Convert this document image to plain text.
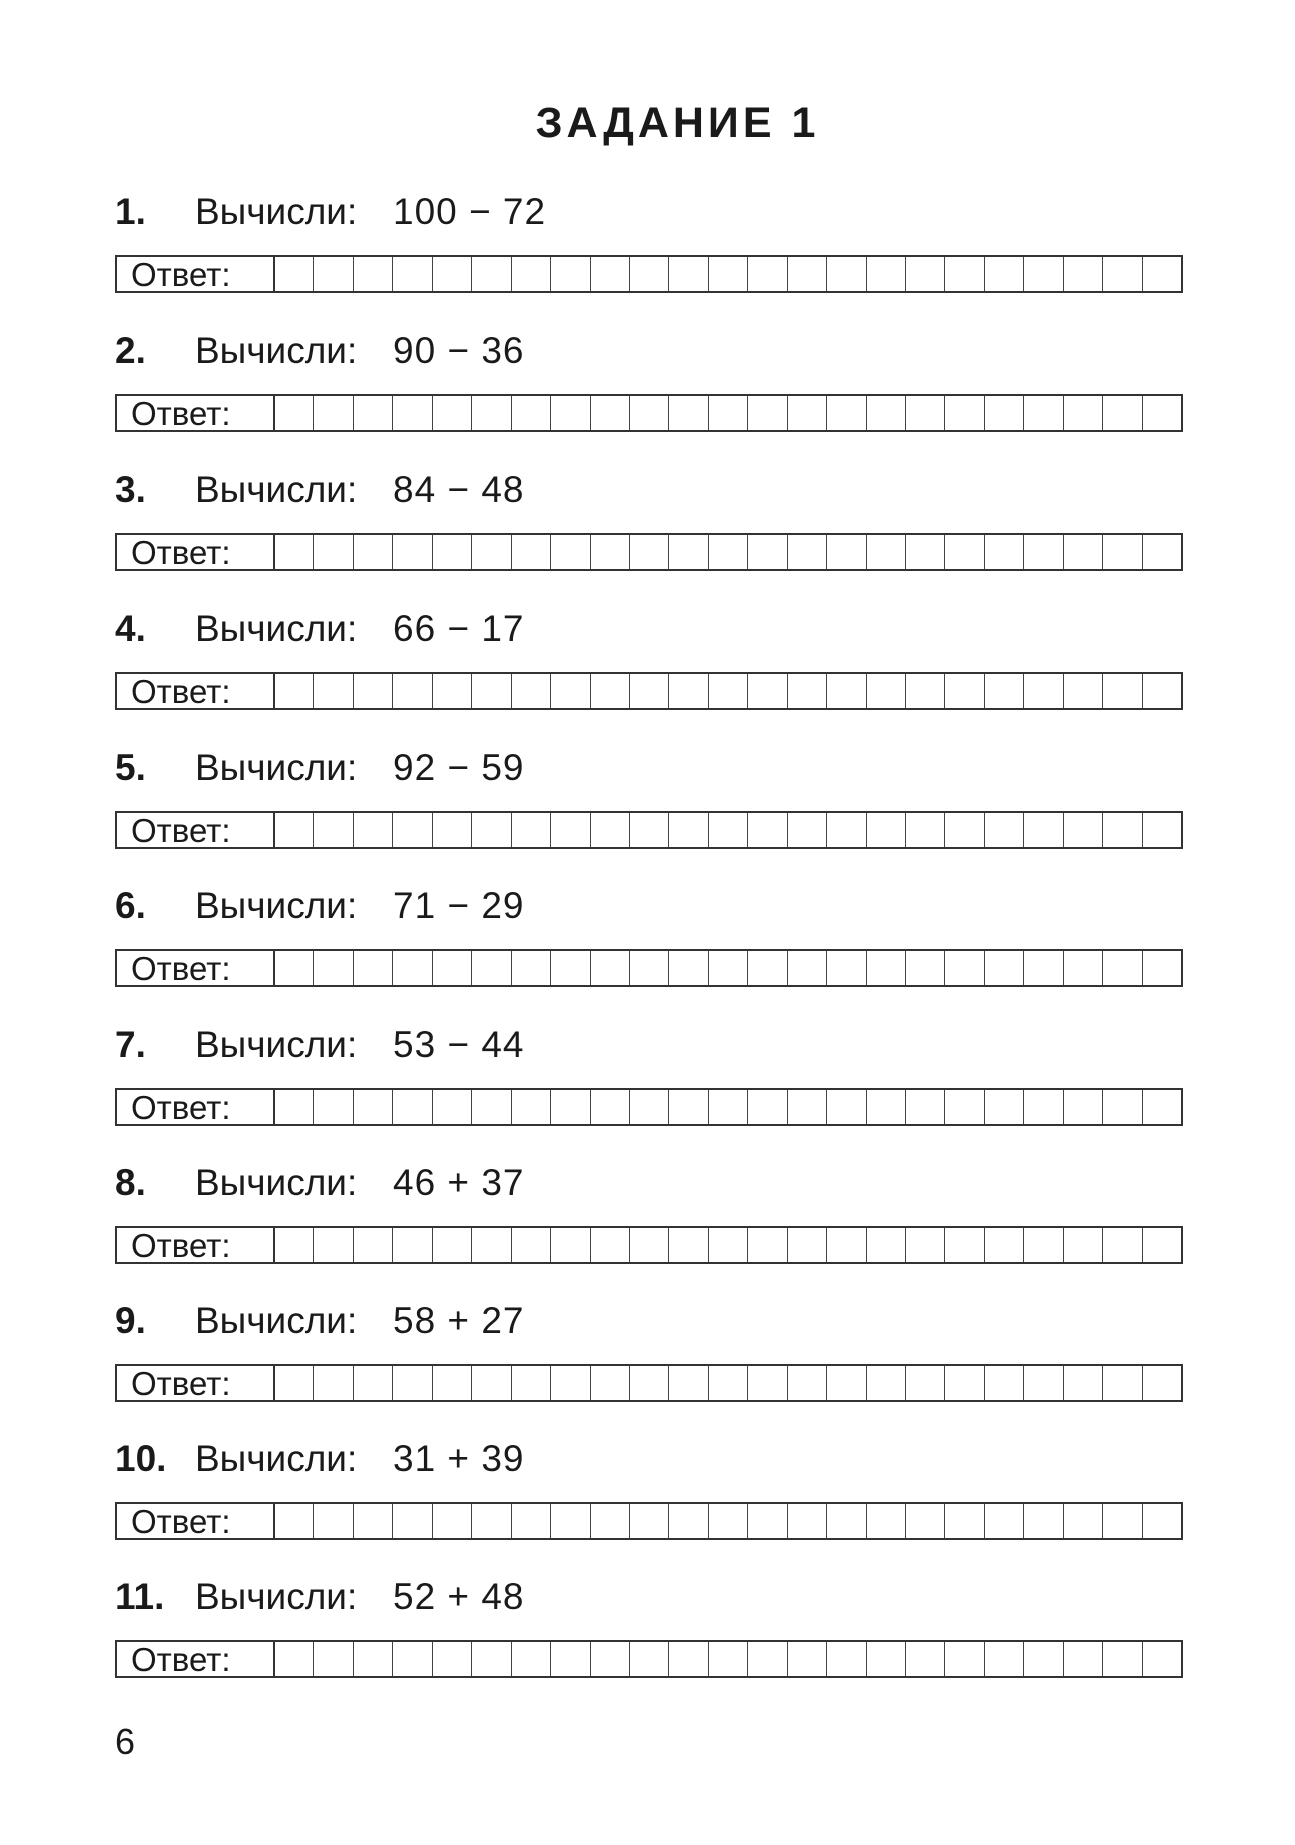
ЗАДАНИЕ 1
1. Вычисли: 100 − 72
Ответ:
2. Вычисли: 90 − 36
Ответ:
3. Вычисли: 84 − 48
Ответ:
4. Вычисли: 66 − 17
Ответ:
5. Вычисли: 92 − 59
Ответ:
6. Вычисли: 71 − 29
Ответ:
7. Вычисли: 53 − 44
Ответ:
8. Вычисли: 46 + 37
Ответ:
9. Вычисли: 58 + 27
Ответ:
10. Вычисли: 31 + 39
Ответ:
11. Вычисли: 52 + 48
Ответ:
6
